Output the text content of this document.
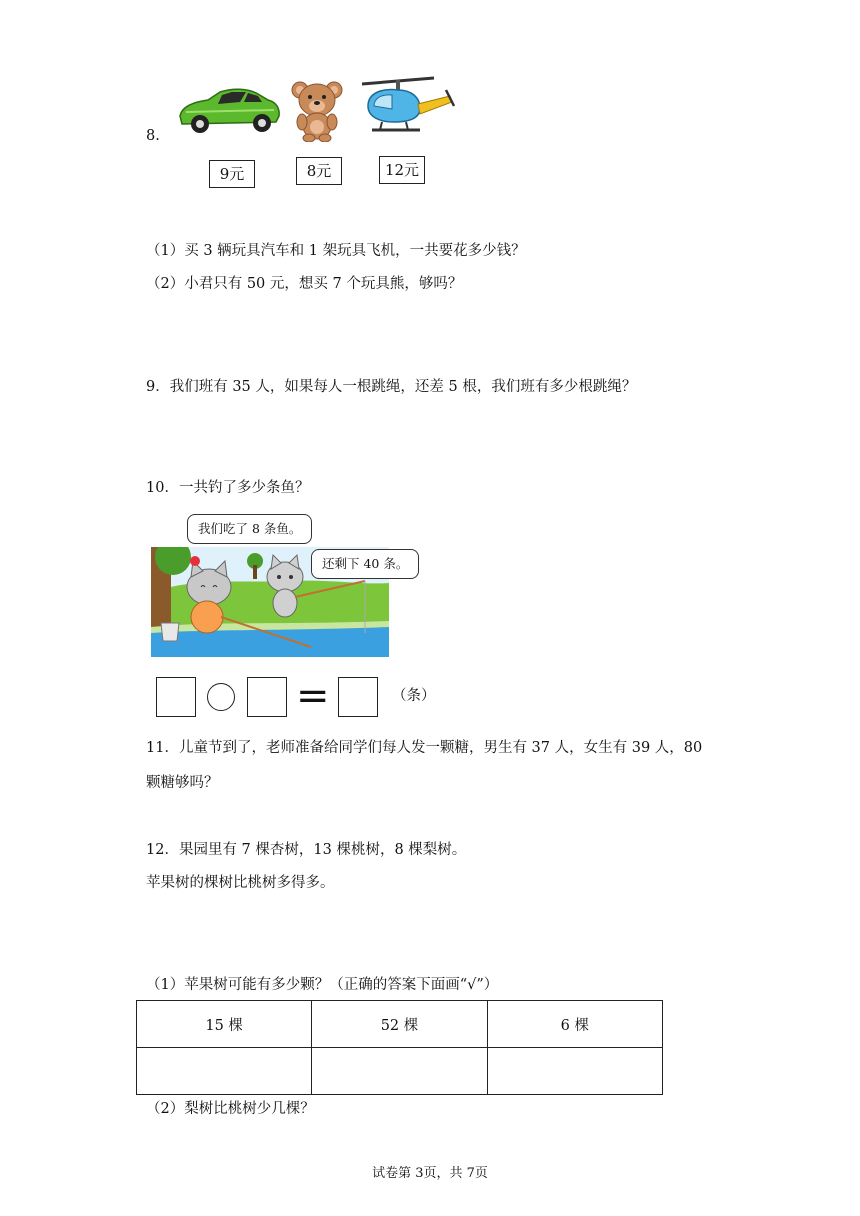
8.
9元	8元	12元
（1）买 3 辆玩具汽车和 1 架玩具飞机，一共要花多少钱？
（2）小君只有 50 元，想买 7 个玩具熊，够吗？
9．我们班有 35 人，如果每人一根跳绳，还差 5 根，我们班有多少根跳绳？
10．一共钓了多少条鱼？
我们吃了 8 条鱼。
还剩下 40 条。
=	（条）
11．儿童节到了，老师准备给同学们每人发一颗糖，男生有 37 人，女生有 39 人，80
颗糖够吗？
12．果园里有 7 棵杏树，13 棵桃树，8 棵梨树。
苹果树的棵树比桃树多得多。
（1）苹果树可能有多少颗？（正确的答案下面画“√”）
15 棵	52 棵	6 棵

（2）梨树比桃树少几棵？
试卷第 3页，共 7页
